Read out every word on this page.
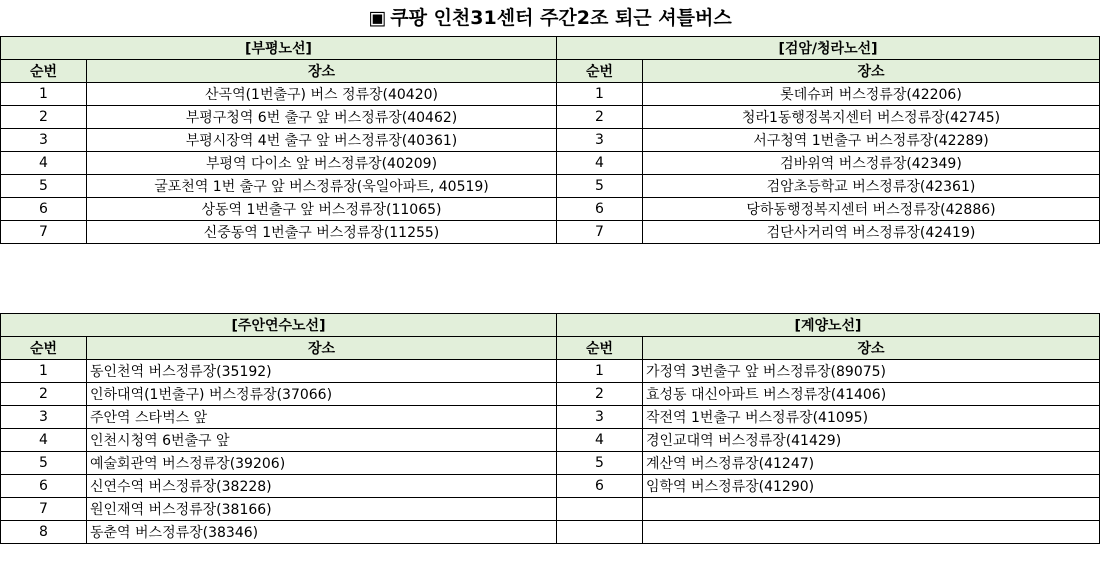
▣ 쿠팡 인천31센터 주간2조 퇴근 셔틀버스
[부평노선]	
순번	장소
1	산곡역(1번출구) 버스 정류장(40420)
2	부평구청역 6번 출구 앞 버스정류장(40462)
3	부평시장역 4번 출구 앞 버스정류장(40361)
4	부평역 다이소 앞 버스정류장(40209)
5	굴포천역 1번 출구 앞 버스정류장(욱일아파트, 40519)
6	상동역 1번출구 앞 버스정류장(11065)
7	신중동역 1번출구 버스정류장(11255)
[검암/청라노선]	
순번	장소
1	롯데슈퍼 버스정류장(42206)
2	청라1동행정복지센터 버스정류장(42745)
3	서구청역 1번출구 버스정류장(42289)
4	검바위역 버스정류장(42349)
5	검암초등학교 버스정류장(42361)
6	당하동행정복지센터 버스정류장(42886)
7	검단사거리역 버스정류장(42419)
[주안연수노선]	
순번	장소
1	동인천역 버스정류장(35192)
2	인하대역(1번출구) 버스정류장(37066)
3	주안역 스타벅스 앞
4	인천시청역 6번출구 앞
5	예술회관역 버스정류장(39206)
6	신연수역 버스정류장(38228)
7	원인재역 버스정류장(38166)
8	동춘역 버스정류장(38346)
[계양노선]	
순번	장소
1	가정역 3번출구 앞 버스정류장(89075)
2	효성동 대신아파트 버스정류장(41406)
3	작전역 1번출구 버스정류장(41095)
4	경인교대역 버스정류장(41429)
5	계산역 버스정류장(41247)
6	임학역 버스정류장(41290)
